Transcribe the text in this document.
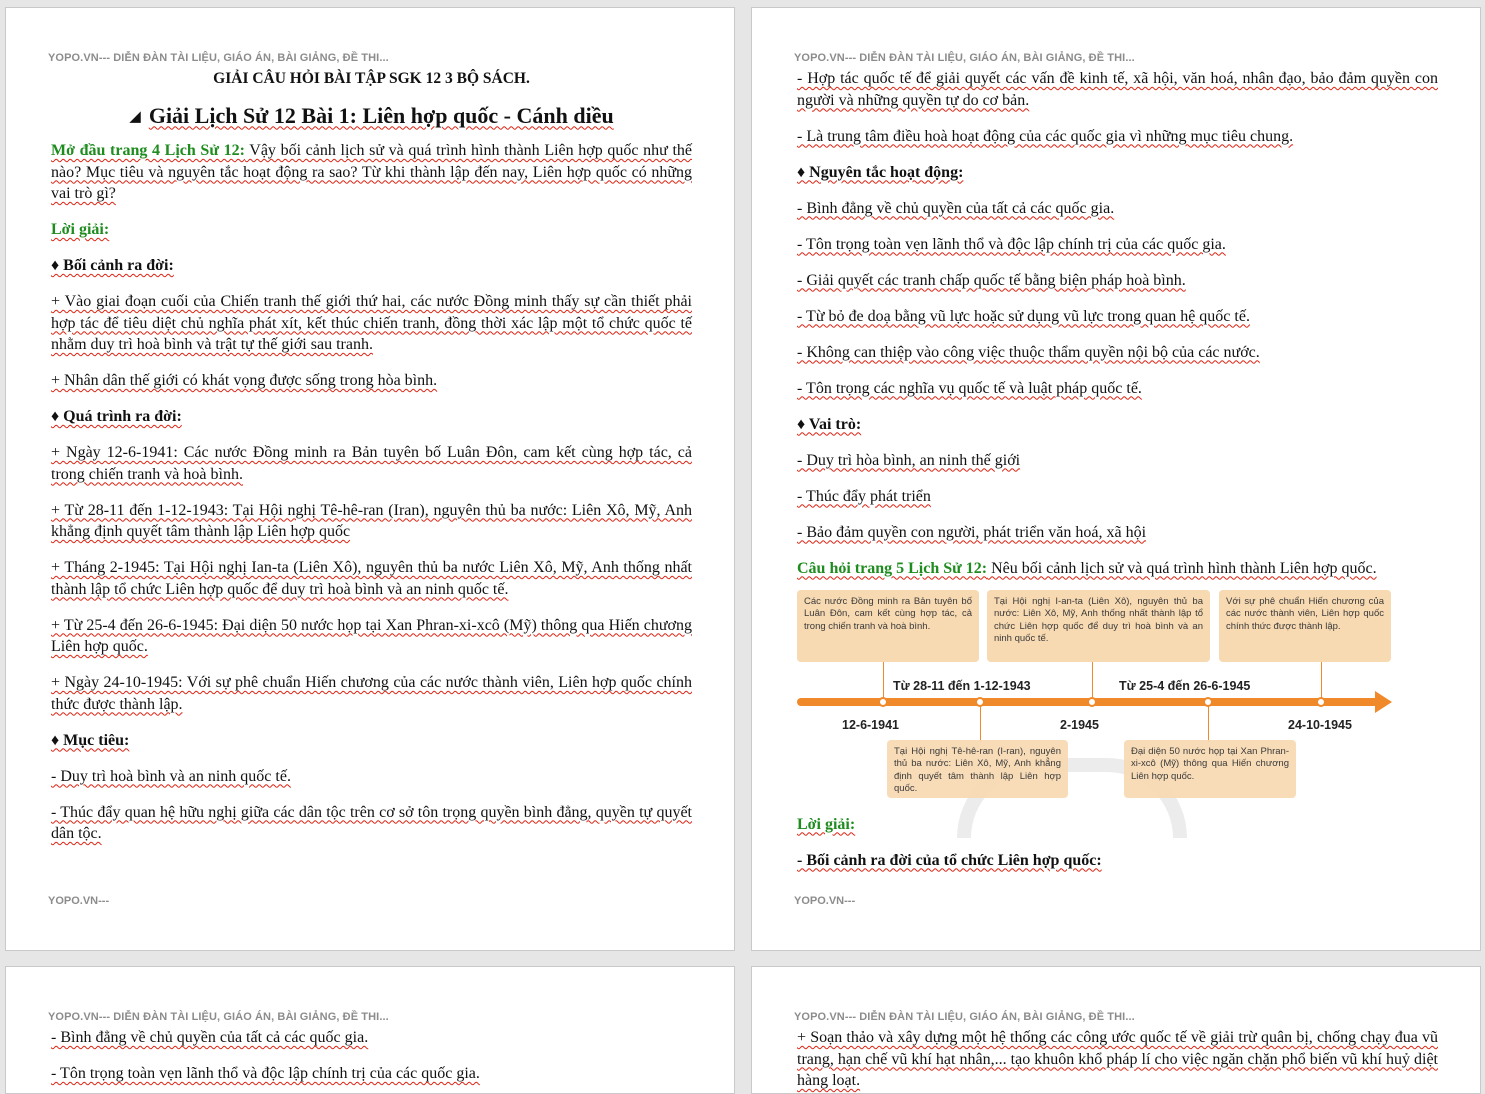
YOPO.VN--- DIỄN ĐÀN TÀI LIỆU, GIÁO ÁN, BÀI GIẢNG, ĐỀ THI...
GIẢI CÂU HỎI BÀI TẬP SGK 12 3 BỘ SÁCH.
◢ Giải Lịch Sử 12 Bài 1: Liên hợp quốc - Cánh diều
Mở đầu trang 4 Lịch Sử 12: Vậy bối cảnh lịch sử và quá trình hình thành Liên hợp quốc như thế nào? Mục tiêu và nguyên tắc hoạt động ra sao? Từ khi thành lập đến nay, Liên hợp quốc có những vai trò gì?
Lời giải:
♦ Bối cảnh ra đời:
+ Vào giai đoạn cuối của Chiến tranh thế giới thứ hai, các nước Đồng minh thấy sự cần thiết phải hợp tác để tiêu diệt chủ nghĩa phát xít, kết thúc chiến tranh, đồng thời xác lập một tổ chức quốc tế nhằm duy trì hoà bình và trật tự thế giới sau tranh.
+ Nhân dân thế giới có khát vọng được sống trong hòa bình.
♦ Quá trình ra đời:
+ Ngày 12-6-1941: Các nước Đồng minh ra Bản tuyên bố Luân Đôn, cam kết cùng hợp tác, cả trong chiến tranh và hoà bình.
+ Từ 28-11 đến 1-12-1943: Tại Hội nghị Tê-hê-ran (Iran), nguyên thủ ba nước: Liên Xô, Mỹ, Anh khẳng định quyết tâm thành lập Liên hợp quốc
+ Tháng 2-1945: Tại Hội nghị Ian-ta (Liên Xô), nguyên thủ ba nước Liên Xô, Mỹ, Anh thống nhất thành lập tổ chức Liên hợp quốc để duy trì hoà bình và an ninh quốc tế.
+ Từ 25-4 đến 26-6-1945: Đại diện 50 nước họp tại Xan Phran-xi-xcô (Mỹ) thông qua Hiến chương Liên hợp quốc.
+ Ngày 24-10-1945: Với sự phê chuẩn Hiến chương của các nước thành viên, Liên hợp quốc chính thức được thành lập.
♦ Mục tiêu:
- Duy trì hoà bình và an ninh quốc tế.
- Thúc đẩy quan hệ hữu nghị giữa các dân tộc trên cơ sở tôn trọng quyền bình đẳng, quyền tự quyết dân tộc.
YOPO.VN---
YOPO.VN--- DIỄN ĐÀN TÀI LIỆU, GIÁO ÁN, BÀI GIẢNG, ĐỀ THI...
- Hợp tác quốc tế để giải quyết các vấn đề kinh tế, xã hội, văn hoá, nhân đạo, bảo đảm quyền con người và những quyền tự do cơ bản.
- Là trung tâm điều hoà hoạt động của các quốc gia vì những mục tiêu chung.
♦ Nguyên tắc hoạt động:
- Bình đẳng về chủ quyền của tất cả các quốc gia.
- Tôn trọng toàn vẹn lãnh thổ và độc lập chính trị của các quốc gia.
- Giải quyết các tranh chấp quốc tế bằng biện pháp hoà bình.
- Từ bỏ đe doạ bằng vũ lực hoặc sử dụng vũ lực trong quan hệ quốc tế.
- Không can thiệp vào công việc thuộc thẩm quyền nội bộ của các nước.
- Tôn trọng các nghĩa vụ quốc tế và luật pháp quốc tế.
♦ Vai trò:
- Duy trì hòa bình, an ninh thế giới
- Thúc đẩy phát triển
- Bảo đảm quyền con người, phát triển văn hoá, xã hội
Câu hỏi trang 5 Lịch Sử 12: Nêu bối cảnh lịch sử và quá trình hình thành Liên hợp quốc.
Các nước Đồng minh ra Bản tuyên bố Luân Đôn, cam kết cùng hợp tác, cả trong chiến tranh và hoà bình.
Tại Hội nghị I-an-ta (Liên Xô), nguyên thủ ba nước: Liên Xô, Mỹ, Anh thống nhất thành lập tổ chức Liên hợp quốc để duy trì hoà bình và an ninh quốc tế.
Với sự phê chuẩn Hiến chương của các nước thành viên, Liên hợp quốc chính thức được thành lập.
Từ 28-11 đến 1-12-1943	Từ 25-4 đến 26-6-1945
12-6-1941	2-1945	24-10-1945
Tại Hội nghị Tê-hê-ran (I-ran), nguyên thủ ba nước: Liên Xô, Mỹ, Anh khẳng định quyết tâm thành lập Liên hợp quốc.
Đại diện 50 nước họp tại Xan Phran-xi-xcô (Mỹ) thông qua Hiến chương Liên hợp quốc.
Lời giải:
- Bối cảnh ra đời của tổ chức Liên hợp quốc:
YOPO.VN---
YOPO.VN--- DIỄN ĐÀN TÀI LIỆU, GIÁO ÁN, BÀI GIẢNG, ĐỀ THI...
- Bình đẳng về chủ quyền của tất cả các quốc gia.
- Tôn trọng toàn vẹn lãnh thổ và độc lập chính trị của các quốc gia.
YOPO.VN--- DIỄN ĐÀN TÀI LIỆU, GIÁO ÁN, BÀI GIẢNG, ĐỀ THI...
+ Soạn thảo và xây dựng một hệ thống các công ước quốc tế về giải trừ quân bị, chống chạy đua vũ trang, hạn chế vũ khí hạt nhân,... tạo khuôn khổ pháp lí cho việc ngăn chặn phổ biến vũ khí huỷ diệt hàng loạt.
